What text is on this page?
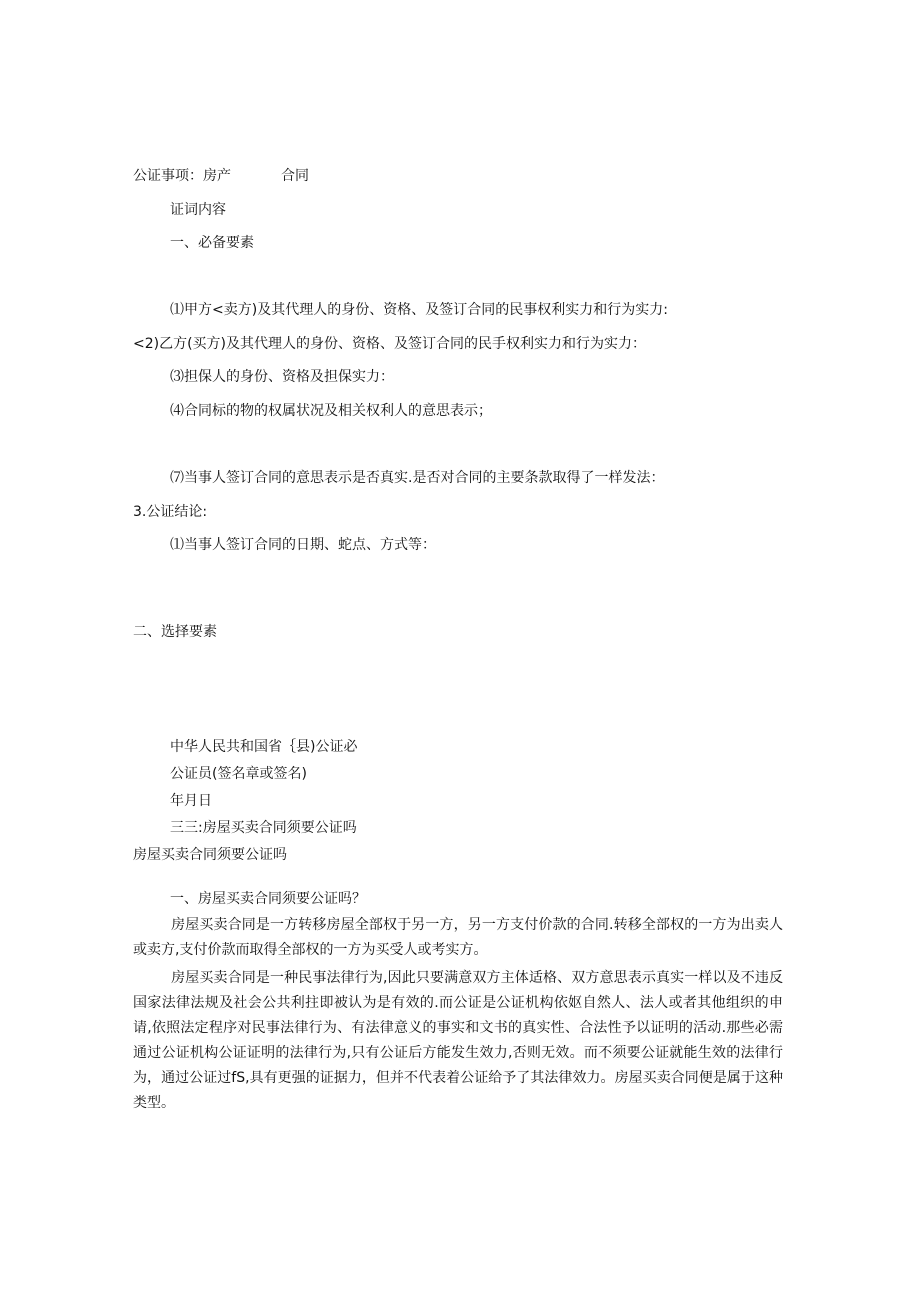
公证事项：房产	合同

证词内容

一、必备要素

⑴甲方<卖方)及其代理人的身份、资格、及签订合同的民事权利实力和行为实力:

<2)乙方(买方)及其代理人的身份、资格、及签订合同的民手权利实力和行为实力：

⑶担保人的身份、资格及担保实力：

⑷合同标的物的权属状况及相关权利人的意思表示；

⑺当事人签订合同的意思表示是否真实.是否对合同的主要条款取得了一样发法：

3.公证结论:

⑴当事人签订合同的日期、蛇点、方式等：

二、选择要素

中华人民共和国省｛县)公证必

公证员(签名章或签名)

年月日

三三:房屋买卖合同须要公证吗

房屋买卖合同须要公证吗

一、房屋买卖合同须要公证吗？

房屋买卖合同是一方转移房屋全部权于另一方，另一方支付价款的合同.转移全部权的一方为出卖人或卖方,支付价款而取得全部权的一方为买受人或考实方。

房屋买卖合同是一种民事法律行为,因此只要满意双方主体适格、双方意思表示真实一样以及不违反国家法律法规及社会公共利拄即被认为是有效的.而公证是公证机构依妪自然人、法人或者其他组织的申请,依照法定程序对民事法律行为、有法律意义的事实和文书的真实性、合法性予以证明的活动.那些必需通过公证机构公证证明的法律行为,只有公证后方能发生效力,否则无效。而不须要公证就能生效的法律行为，通过公证过fS,具有更强的证据力，但并不代表着公证给予了其法律效力。房屋买卖合同便是属于这种类型。
